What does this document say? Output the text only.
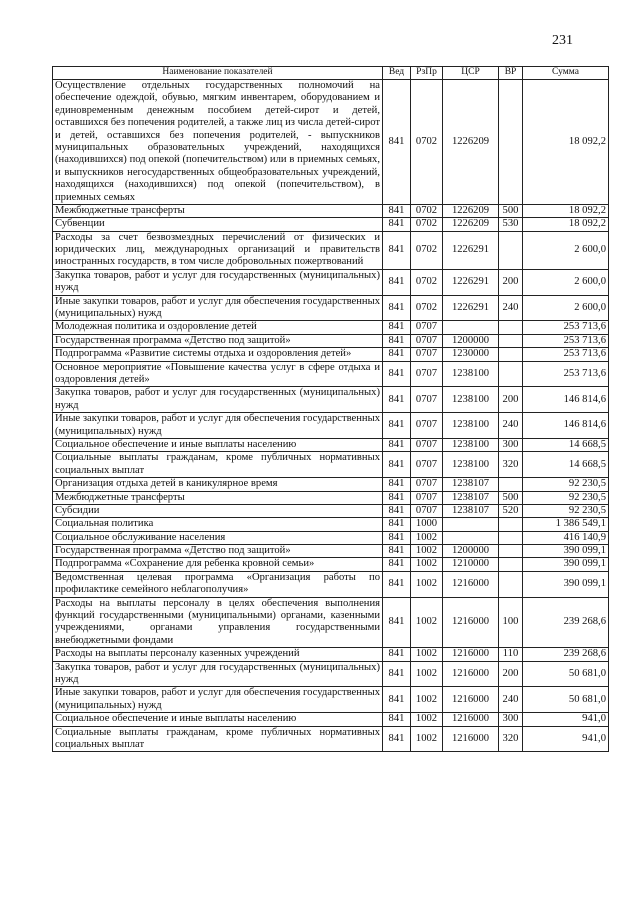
231
Наименование показателей	Вед	РзПр	ЦСР	ВР	Сумма
Осуществление отдельных государственных полномочий на обеспечение одеждой, обувью, мягким инвентарем, оборудованием и единовременным денежным пособием детей-сирот и детей, оставшихся без попечения родителей, а также лиц из числа детей-сирот и детей, оставшихся без попечения родителей, - выпускников муниципальных образовательных учреждений, находящихся (находившихся) под опекой (попечительством) или в приемных семьях, и выпускников негосударственных общеобразовательных учреждений, находящихся (находившихся) под опекой (попечительством), в приемных семьях	841	0702	1226209		18 092,2
Межбюджетные трансферты	841	0702	1226209	500	18 092,2
Субвенции	841	0702	1226209	530	18 092,2
Расходы за счет безвозмездных перечислений от физических и юридических лиц, международных организаций и правительств иностранных государств, в том числе добровольных пожертвований	841	0702	1226291		2 600,0
Закупка товаров, работ и услуг для государственных (муниципальных) нужд	841	0702	1226291	200	2 600,0
Иные закупки товаров, работ и услуг для обеспечения государственных (муниципальных) нужд	841	0702	1226291	240	2 600,0
Молодежная политика и оздоровление детей	841	0707			253 713,6
Государственная программа «Детство под защитой»	841	0707	1200000		253 713,6
Подпрограмма «Развитие системы отдыха и оздоровления детей»	841	0707	1230000		253 713,6
Основное мероприятие «Повышение качества услуг в сфере отдыха и оздоровления детей»	841	0707	1238100		253 713,6
Закупка товаров, работ и услуг для государственных (муниципальных) нужд	841	0707	1238100	200	146 814,6
Иные закупки товаров, работ и услуг для обеспечения государственных (муниципальных) нужд	841	0707	1238100	240	146 814,6
Социальное обеспечение и иные выплаты населению	841	0707	1238100	300	14 668,5
Социальные выплаты гражданам, кроме публичных нормативных социальных выплат	841	0707	1238100	320	14 668,5
Организация отдыха детей в каникулярное время	841	0707	1238107		92 230,5
Межбюджетные трансферты	841	0707	1238107	500	92 230,5
Субсидии	841	0707	1238107	520	92 230,5
Социальная политика	841	1000			1 386 549,1
Социальное обслуживание населения	841	1002			416 140,9
Государственная программа «Детство под защитой»	841	1002	1200000		390 099,1
Подпрограмма «Сохранение для ребенка кровной семьи»	841	1002	1210000		390 099,1
Ведомственная целевая программа «Организация работы по профилактике семейного неблагополучия»	841	1002	1216000		390 099,1
Расходы на выплаты персоналу в целях обеспечения выполнения функций государственными (муниципальными) органами, казенными учреждениями, органами управления государственными внебюджетными фондами	841	1002	1216000	100	239 268,6
Расходы на выплаты персоналу казенных учреждений	841	1002	1216000	110	239 268,6
Закупка товаров, работ и услуг для государственных (муниципальных) нужд	841	1002	1216000	200	50 681,0
Иные закупки товаров, работ и услуг для обеспечения государственных (муниципальных) нужд	841	1002	1216000	240	50 681,0
Социальное обеспечение и иные выплаты населению	841	1002	1216000	300	941,0
Социальные выплаты гражданам, кроме публичных нормативных социальных выплат	841	1002	1216000	320	941,0
